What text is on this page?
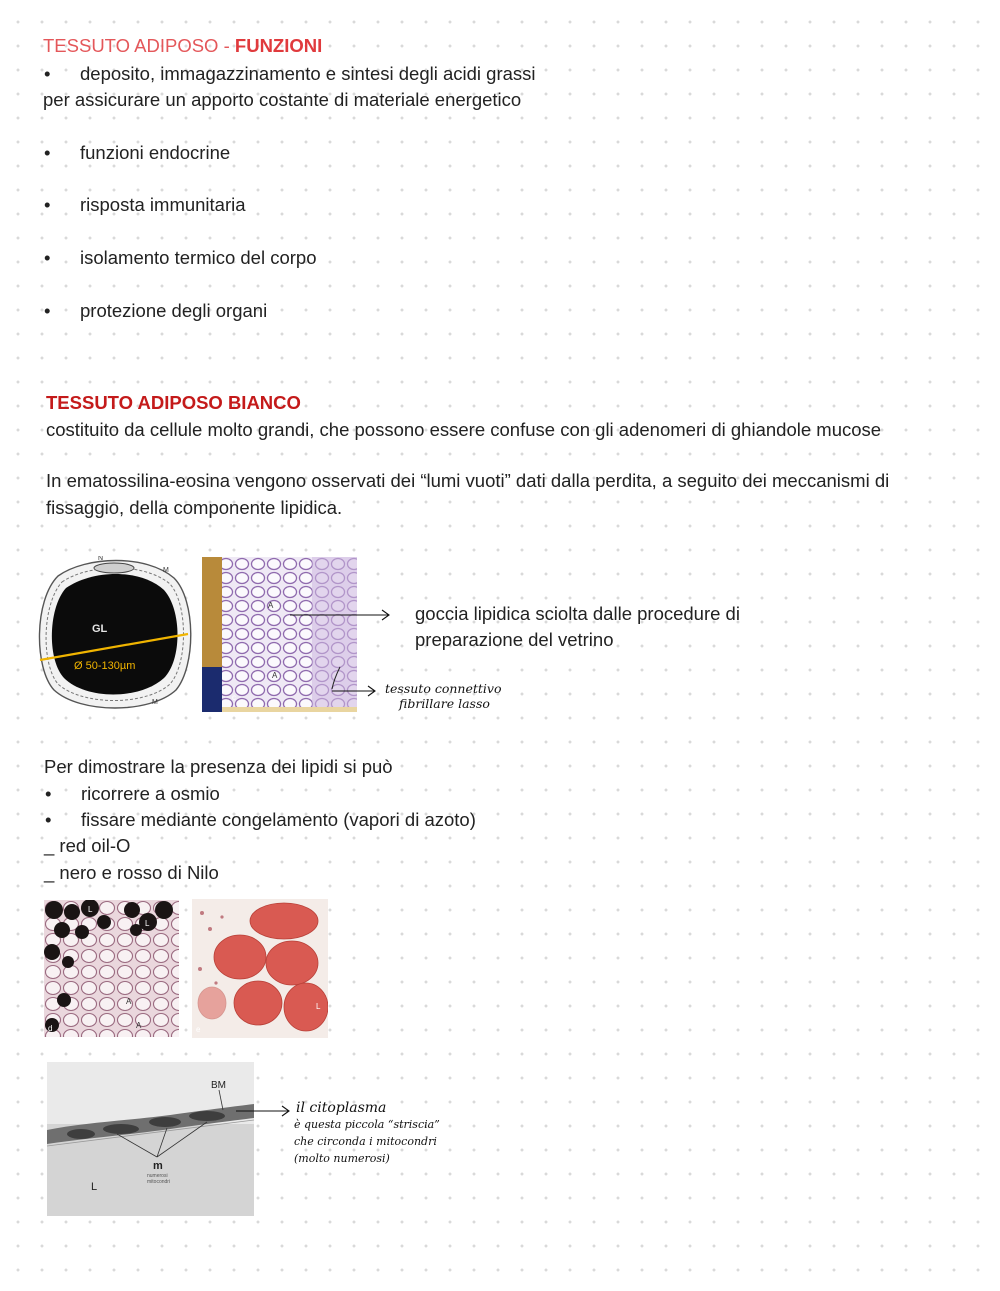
TESSUTO ADIPOSO - FUNZIONI
• deposito, immagazzinamento e sintesi degli acidi grassi
per assicurare un apporto costante di materiale energetico
• funzioni endocrine
• risposta immunitaria
• isolamento termico del corpo
• protezione degli organi
TESSUTO ADIPOSO BIANCO
costituito da cellule molto grandi, che possono essere confuse con gli adenomeri di ghiandole mucose
In ematossilina-eosina vengono osservati dei “lumi vuoti” dati dalla perdita, a seguito dei meccanismi di
fissaggio, della componente lipidica.
N
M
M
GL
Ø 50-130µm
A
A
c
goccia lipidica sciolta dalle procedure di
preparazione del vetrino
tessuto connettivo
fibrillare lasso
Per dimostrare la presenza dei lipidi si può
• ricorrere a osmio
• fissare mediante congelamento (vapori di azoto)
_ red oil-O
_ nero e rosso di Nilo
L
L
A
A
d
L
e
BM
m
numerosi
mitocondri
L
il citoplasma
è questa piccola “striscia”
che circonda i mitocondri
(molto numerosi)
